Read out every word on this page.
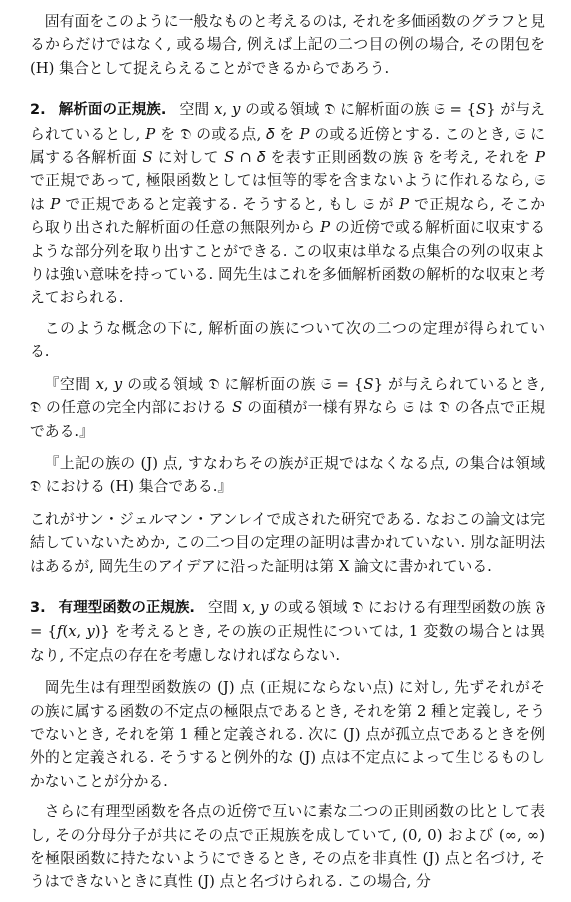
固有面をこのように一般なものと考えるのは, それを多価函数のグラフと見るからだけではなく, 或る場合, 例えば上記の二つ目の例の場合, その閉包を (H) 集合として捉えらえることができるからであろう.

2. 解析面の正規族. 空間 𝑥, 𝑦 の或る領域 𝔇 に解析面の族 𝔖 = {𝑆} が与えられているとし, 𝑃 を 𝔇 の或る点, 𝛿 を 𝑃 の或る近傍とする. このとき, 𝔖 に属する各解析面 𝑆 に対して 𝑆 ∩ 𝛿 を表す正則函数の族 𝔉 を考え, それを 𝑃 で正規であって, 極限函数としては恒等的零を含まないように作れるなら, 𝔖 は 𝑃 で正規であると定義する. そうすると, もし 𝔖 が 𝑃 で正規なら, そこから取り出された解析面の任意の無限列から 𝑃 の近傍で或る解析面に収束するような部分列を取り出すことができる. この収束は単なる点集合の列の収束よりは強い意味を持っている. 岡先生はこれを多価解析函数の解析的な収束と考えておられる.

このような概念の下に, 解析面の族について次の二つの定理が得られている.

『空間 𝑥, 𝑦 の或る領域 𝔇 に解析面の族 𝔖 = {𝑆} が与えられているとき, 𝔇 の任意の完全内部における 𝑆 の面積が一様有界なら 𝔖 は 𝔇 の各点で正規である.』

『上記の族の (J) 点, すなわちその族が正規ではなくなる点, の集合は領域 𝔇 における (H) 集合である.』

これがサン・ジェルマン・アンレイで成された研究である. なおこの論文は完結していないためか, この二つ目の定理の証明は書かれていない. 別な証明法はあるが, 岡先生のアイデアに沿った証明は第 X 論文に書かれている.

3. 有理型函数の正規族. 空間 𝑥, 𝑦 の或る領域 𝔇 における有理型函数の族 𝔉 = {𝑓(𝑥, 𝑦)} を考えるとき, その族の正規性については, 1 変数の場合とは異なり, 不定点の存在を考慮しなければならない.

岡先生は有理型函数族の (J) 点 (正規にならない点) に対し, 先ずそれがその族に属する函数の不定点の極限点であるとき, それを第 2 種と定義し, そうでないとき, それを第 1 種と定義される. 次に (J) 点が孤立点であるときを例外的と定義される. そうすると例外的な (J) 点は不定点によって生じるものしかないことが分かる.

さらに有理型函数を各点の近傍で互いに素な二つの正則函数の比として表し, その分母分子が共にその点で正規族を成していて, (0, 0) および (∞, ∞) を極限函数に持たないようにできるとき, その点を非真性 (J) 点と名づけ, そうはできないときに真性 (J) 点と名づけられる. この場合, 分
